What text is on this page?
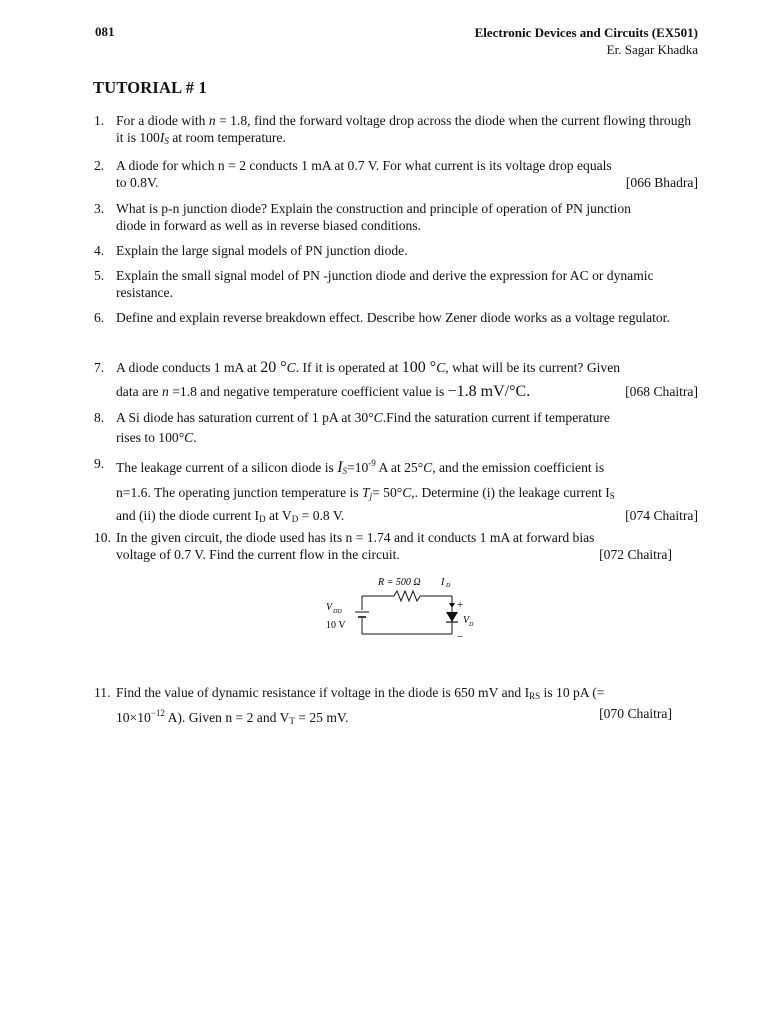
081	Electronic Devices and Circuits (EX501)
Er. Sagar Khadka
TUTORIAL # 1
1. For a diode with n = 1.8, find the forward voltage drop across the diode when the current flowing through it is $100I_S$ at room temperature.
2. A diode for which n = 2 conducts 1 mA at 0.7 V. For what current is its voltage drop equals
to 0.8V.	[066 Bhadra]
3. What is p-n junction diode? Explain the construction and principle of operation of PN junction diode in forward as well as in reverse biased conditions.
4. Explain the large signal models of PN junction diode.
5. Explain the small signal model of PN -junction diode and derive the expression for AC or dynamic resistance.
6. Define and explain reverse breakdown effect. Describe how Zener diode works as a voltage regulator.
7. A diode conducts 1 mA at 20 °C. If it is operated at 100 °C, what will be its current? Given
data are n =1.8 and negative temperature coefficient value is −1.8 mV/°C.	[068 Chaitra]
8. A Si diode has saturation current of 1 pA at 30°C.Find the saturation current if temperature
rises to 100°C.
9. The leakage current of a silicon diode is $I_S=10^{-9}$ A at 25°C, and the emission coefficient is
n=1.6. The operating junction temperature is $T_j= 50^\circ C$,. Determine (i) the leakage current $I_S$
and (ii) the diode current $I_D$ at $V_D = 0.8$ V.	[074 Chaitra]
10. In the given circuit, the diode used has its n = 1.74 and it conducts 1 mA at forward bias
voltage of 0.7 V. Find the current flow in the circuit.	[072 Chaitra]
R = 500 Ω I D
V DD
10 V
+
V D
−
11. Find the value of dynamic resistance if voltage in the diode is 650 mV and $I_{RS}$ is 10 pA (=
$10\times 10^{-12}$ A). Given n = 2 and $V_T = 25$ mV.	[070 Chaitra]
